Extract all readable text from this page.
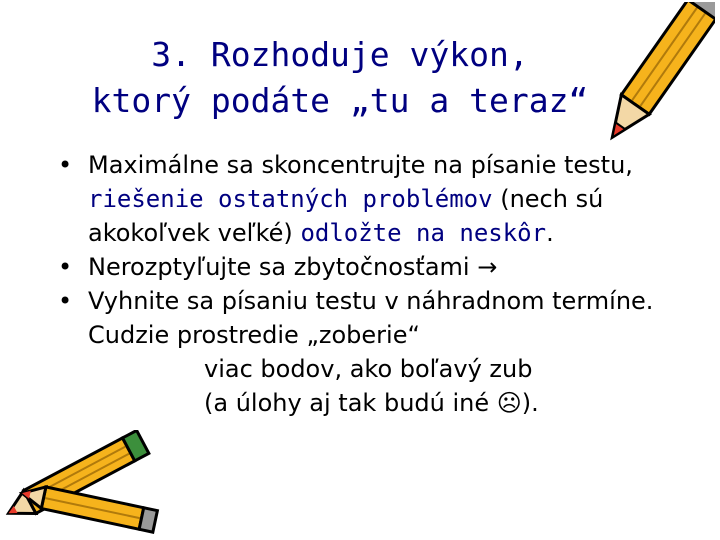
3. Rozhoduje výkon,
ktorý podáte „tu a teraz“
• Maximálne sa skoncentrujte na písanie testu, riešenie ostatných problémov (nech sú akokoľvek veľké) odložte na neskôr.
• Nerozptyľujte sa zbytočnosťami →
• Vyhnite sa písaniu testu v náhradnom termíne. Cudzie prostredie „zoberie“
viac bodov, ako boľavý zub
(a úlohy aj tak budú iné ☹).
